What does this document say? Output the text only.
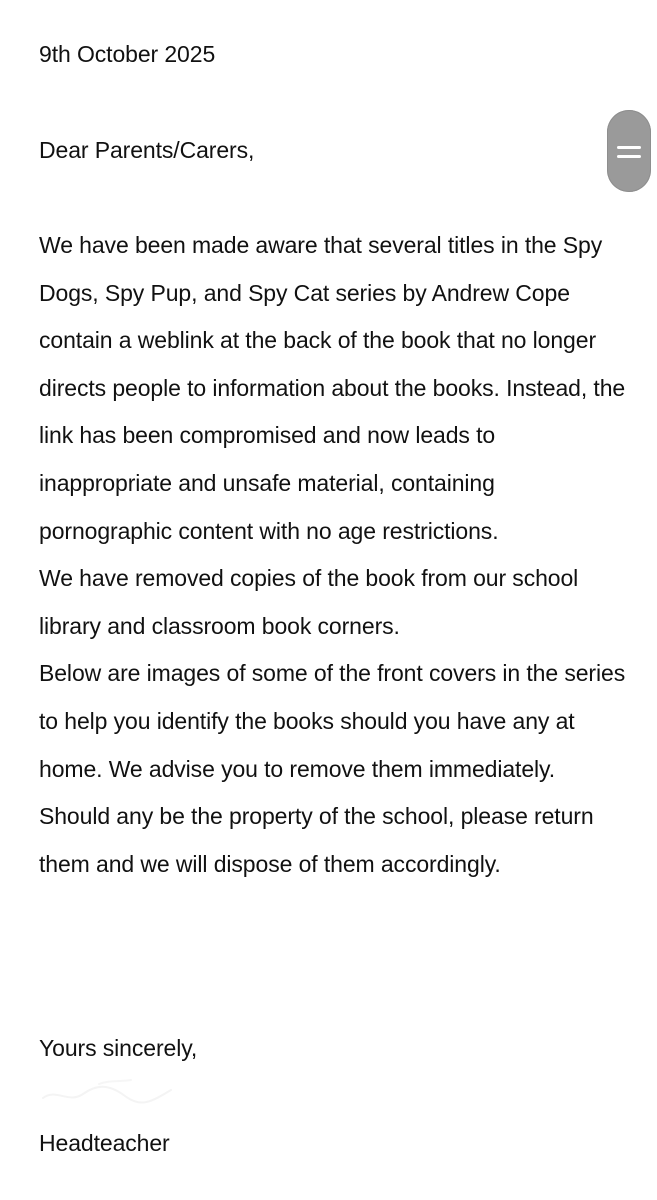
9th October 2025

Dear Parents/Carers,

We have been made aware that several titles in the Spy Dogs, Spy Pup, and Spy Cat series by Andrew Cope contain a weblink at the back of the book that no longer directs people to information about the books. Instead, the link has been compromised and now leads to inappropriate and unsafe material, containing pornographic content with no age restrictions.

We have removed copies of the book from our school library and classroom book corners.

Below are images of some of the front covers in the series to help you identify the books should you have any at home. We advise you to remove them immediately. Should any be the property of the school, please return them and we will dispose of them accordingly.

Yours sincerely,

Headteacher
